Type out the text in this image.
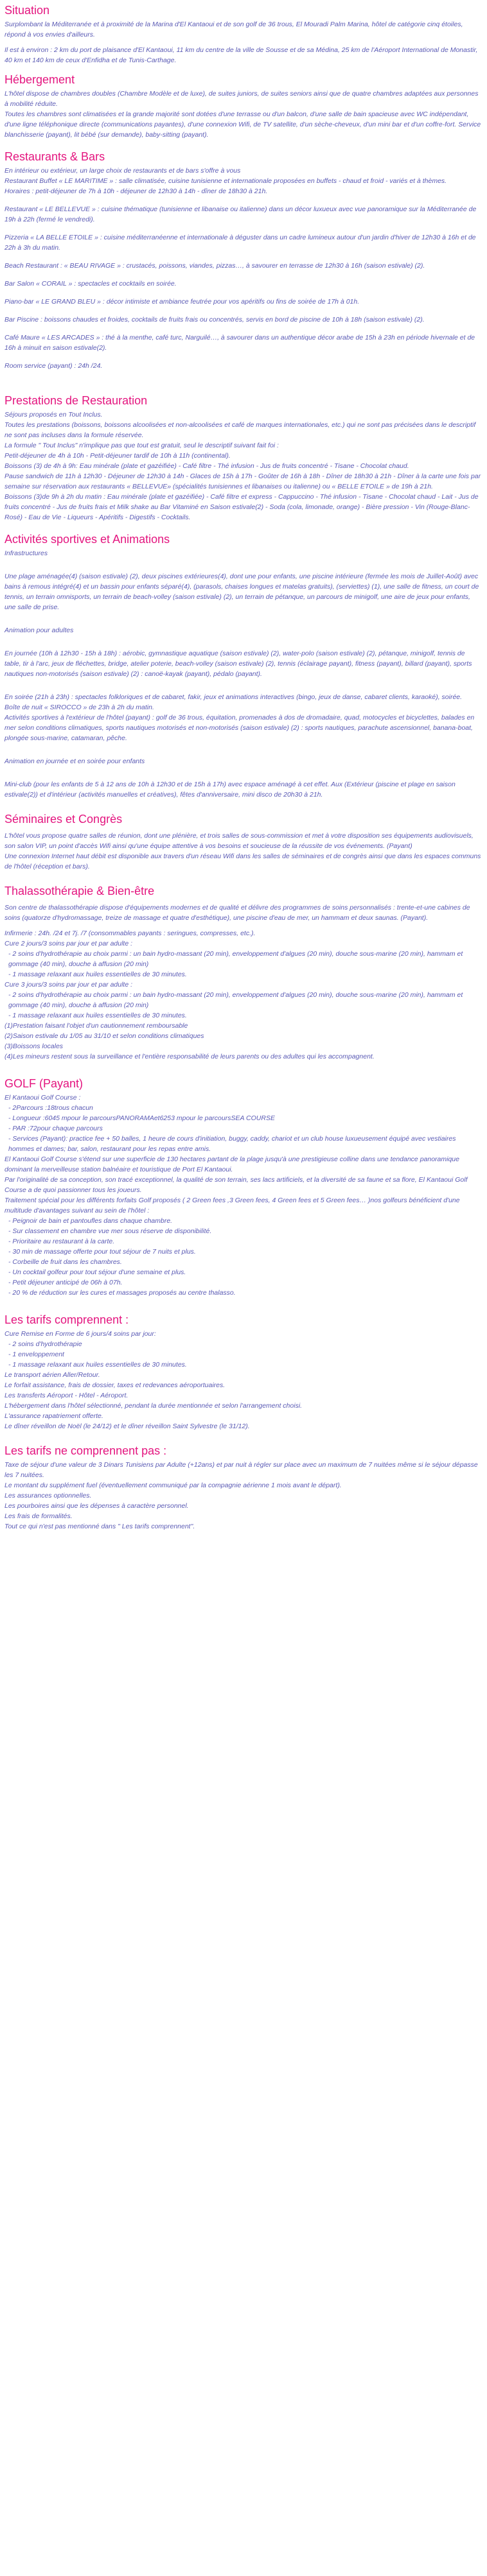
Situation

Surplombant la Méditerranée et à proximité de la Marina d'El Kantaoui et de son golf de 36 trous, El Mouradi Palm Marina, hôtel de catégorie cinq étoiles, répond à vos envies d'ailleurs.

Il est à environ : 2 km du port de plaisance d'El Kantaoui, 11 km du centre de la ville de Sousse et de sa Médina, 25 km de l'Aéroport International de Monastir, 40 km et 140 km de ceux d'Enfidha et de Tunis-Carthage.

Hébergement

L'hôtel dispose de chambres doubles (Chambre Modèle et de luxe), de suites juniors, de suites seniors ainsi que de quatre chambres adaptées aux personnes à mobilité réduite.

Toutes les chambres sont climatisées et la grande majorité sont dotées d'une terrasse ou d'un balcon, d'une salle de bain spacieuse avec WC indépendant, d'une ligne téléphonique directe (communications payantes), d'une connexion Wifi, de TV satellite, d'un sèche-cheveux, d'un mini bar et d'un coffre-fort. Service blanchisserie (payant), lit bébé (sur demande), baby-sitting (payant).

Restaurants & Bars

En intérieur ou extérieur, un large choix de restaurants et de bars s'offre à vous

Restaurant Buffet « LE MARITIME » : salle climatisée, cuisine tunisienne et internationale proposées en buffets - chaud et froid - variés et à thèmes.

Horaires : petit-déjeuner de 7h à 10h - déjeuner de 12h30 à 14h - dîner de 18h30 à 21h.

Restaurant « LE BELLEVUE » : cuisine thématique (tunisienne et libanaise ou italienne) dans un décor luxueux avec vue panoramique sur la Méditerranée de 19h à 22h (fermé le vendredi).

Pizzeria « LA BELLE ETOILE » : cuisine méditerranéenne et internationale à déguster dans un cadre lumineux autour d'un jardin d'hiver de 12h30 à 16h et de 22h à 3h du matin.

Beach Restaurant : « BEAU RIVAGE » : crustacés, poissons, viandes, pizzas…, à savourer en terrasse de 12h30 à 16h (saison estivale) (2).

Bar Salon « CORAIL » : spectacles et cocktails en soirée.

Piano-bar « LE GRAND BLEU » : décor intimiste et ambiance feutrée pour vos apéritifs ou fins de soirée de 17h à 01h.

Bar Piscine : boissons chaudes et froides, cocktails de fruits frais ou concentrés, servis en bord de piscine de 10h à 18h (saison estivale) (2).

Café Maure « LES ARCADES » : thé à la menthe, café turc, Narguilé…, à savourer dans un authentique décor arabe de 15h à 23h en période hivernale et de 16h à minuit en saison estivale(2).

Room service (payant) : 24h /24.

Prestations de Restauration

Séjours proposés en Tout Inclus.

Toutes les prestations (boissons, boissons alcoolisées et non-alcoolisées et café de marques internationales, etc.) qui ne sont pas précisées dans le descriptif ne sont pas incluses dans la formule réservée.

La formule " Tout Inclus" n'implique pas que tout est gratuit, seul le descriptif suivant fait foi :

Petit-déjeuner de 4h à 10h - Petit-déjeuner tardif de 10h à 11h (continental).

Boissons (3) de 4h à 9h: Eau minérale (plate et gazéifiée) - Café filtre - Thé infusion - Jus de fruits concentré - Tisane - Chocolat chaud.

Pause sandwich de 11h à 12h30 - Déjeuner de 12h30 à 14h - Glaces de 15h à 17h - Goûter de 16h à 18h - Dîner de 18h30 à 21h - Dîner à la carte une fois par semaine sur réservation aux restaurants « BELLEVUE» (spécialités tunisiennes et libanaises ou italienne) ou « BELLE ETOILE » de 19h à 21h.

Boissons (3)de 9h à 2h du matin : Eau minérale (plate et gazéifiée) - Café filtre et express - Cappuccino - Thé infusion - Tisane - Chocolat chaud - Lait - Jus de fruits concentré - Jus de fruits frais et Milk shake au Bar Vitaminé en Saison estivale(2) - Soda (cola, limonade, orange) - Bière pression - Vin (Rouge-Blanc-Rosé) - Eau de Vie - Liqueurs - Apéritifs - Digestifs - Cocktails.

Activités sportives et Animations

Infrastructures

Une plage aménagée(4) (saison estivale) (2), deux piscines extérieures(4), dont une pour enfants, une piscine intérieure (fermée les mois de Juillet-Août) avec bains à remous intégré(4) et un bassin pour enfants séparé(4), (parasols, chaises longues et matelas gratuits), (serviettes) (1), une salle de fitness, un court de tennis, un terrain omnisports, un terrain de beach-volley (saison estivale) (2), un terrain de pétanque, un parcours de minigolf, une aire de jeux pour enfants, une salle de prise.

Animation pour adultes

En journée (10h à 12h30 - 15h à 18h) : aérobic, gymnastique aquatique (saison estivale) (2), water-polo (saison estivale) (2), pétanque, minigolf, tennis de table, tir à l'arc, jeux de fléchettes, bridge, atelier poterie, beach-volley (saison estivale) (2), tennis (éclairage payant), fitness (payant), billard (payant), sports nautiques non-motorisés (saison estivale) (2) : canoë-kayak (payant), pédalo (payant).

En soirée (21h à 23h) : spectacles folkloriques et de cabaret, fakir, jeux et animations interactives (bingo, jeux de danse, cabaret clients, karaoké), soirée.

Boîte de nuit « SIROCCO » de 23h à 2h du matin.

Activités sportives à l'extérieur de l'hôtel (payant) : golf de 36 trous, équitation, promenades à dos de dromadaire, quad, motocycles et bicyclettes, balades en mer selon conditions climatiques, sports nautiques motorisés et non-motorisés (saison estivale) (2) : sports nautiques, parachute ascensionnel, banana-boat, plongée sous-marine, catamaran, pêche.

Animation en journée et en soirée pour enfants

Mini-club (pour les enfants de 5 à 12 ans de 10h à 12h30 et de 15h à 17h) avec espace aménagé à cet effet. Aux (Extérieur (piscine et plage en saison estivale(2)) et d'intérieur (activités manuelles et créatives), fêtes d'anniversaire, mini disco de 20h30 à 21h.

Séminaires et Congrès

L'hôtel vous propose quatre salles de réunion, dont une plénière, et trois salles de sous-commission et met à votre disposition ses équipements audiovisuels, son salon VIP, un point d'accès Wifi ainsi qu'une équipe attentive à vos besoins et soucieuse de la réussite de vos événements. (Payant)

Une connexion Internet haut débit est disponible aux travers d'un réseau Wifi dans les salles de séminaires et de congrès ainsi que dans les espaces communs de l'hôtel (réception et bars).

Thalassothérapie & Bien-être

Son centre de thalassothérapie dispose d'équipements modernes et de qualité et délivre des programmes de soins personnalisés : trente-et-une cabines de soins (quatorze d'hydromassage, treize de massage et quatre d'esthétique), une piscine d'eau de mer, un hammam et deux saunas. (Payant).

Infirmerie : 24h. /24 et 7j. /7 (consommables payants : seringues, compresses, etc.).

Cure 2 jours/3 soins par jour et par adulte :

- 2 soins d'hydrothérapie au choix parmi : un bain hydro-massant (20 min), enveloppement d'algues (20 min), douche sous-marine (20 min), hammam et gommage (40 min), douche à affusion (20 min)

- 1 massage relaxant aux huiles essentielles de 30 minutes.

Cure 3 jours/3 soins par jour et par adulte :

- 2 soins d'hydrothérapie au choix parmi : un bain hydro-massant (20 min), enveloppement d'algues (20 min), douche sous-marine (20 min), hammam et gommage (40 min), douche à affusion (20 min)

- 1 massage relaxant aux huiles essentielles de 30 minutes.

(1)Prestation faisant l'objet d'un cautionnement remboursable

(2)Saison estivale du 1/05 au 31/10 et selon conditions climatiques

(3)Boissons locales

(4)Les mineurs restent sous la surveillance et l'entière responsabilité de leurs parents ou des adultes qui les accompagnent.

GOLF (Payant)

El Kantaoui Golf Course :

- 2Parcours :18trous chacun

- Longueur :6045 mpour le parcoursPANORAMAet6253 mpour le parcoursSEA COURSE

- PAR :72pour chaque parcours

- Services (Payant): practice fee + 50 balles, 1 heure de cours d'initiation, buggy, caddy, chariot et un club house luxueusement équipé avec vestiaires hommes et dames; bar, salon, restaurant pour les repas entre amis.

El Kantaoui Golf Course s'étend sur une superficie de 130 hectares partant de la plage jusqu'à une prestigieuse colline dans une tendance panoramique dominant la merveilleuse station balnéaire et touristique de Port El Kantaoui.

Par l'originalité de sa conception, son tracé exceptionnel, la qualité de son terrain, ses lacs artificiels, et la diversité de sa faune et sa flore, El Kantaoui Golf Course a de quoi passionner tous les joueurs.

Traitement spécial pour les différents forfaits Golf proposés ( 2 Green fees ,3 Green fees, 4 Green fees et 5 Green fees… )nos golfeurs bénéficient d'une multitude d'avantages suivant au sein de l'hôtel :

- Peignoir de bain et pantoufles dans chaque chambre.

- Sur classement en chambre vue mer sous réserve de disponibilité.

- Prioritaire au restaurant à la carte.

- 30 min de massage offerte pour tout séjour de 7 nuits et plus.

- Corbeille de fruit dans les chambres.

- Un cocktail golfeur pour tout séjour d'une semaine et plus.

- Petit déjeuner anticipé de 06h à 07h.

- 20 % de réduction sur les cures et massages proposés au centre thalasso.

Les tarifs comprennent :

Cure Remise en Forme de 6 jours/4 soins par jour:

- 2 soins d'hydrothérapie

- 1 enveloppement

- 1 massage relaxant aux huiles essentielles de 30 minutes.

Le transport aérien Aller/Retour.

Le forfait assistance, frais de dossier, taxes et redevances aéroportuaires.

Les transferts Aéroport - Hôtel - Aéroport.

L'hébergement dans l'hôtel sélectionné, pendant la durée mentionnée et selon l'arrangement choisi.

L'assurance rapatriement offerte.

Le dîner réveillon de Noël (le 24/12) et le dîner réveillon Saint Sylvestre (le 31/12).

Les tarifs ne comprennent pas :

Taxe de séjour d'une valeur de 3 Dinars Tunisiens par Adulte (+12ans) et par nuit à régler sur place avec un maximum de 7 nuitées même si le séjour dépasse les 7 nuitées.

Le montant du supplément fuel (éventuellement communiqué par la compagnie aérienne 1 mois avant le départ).

Les assurances optionnelles.

Les pourboires ainsi que les dépenses à caractère personnel.

Les frais de formalités.

Tout ce qui n'est pas mentionné dans " Les tarifs comprennent".
